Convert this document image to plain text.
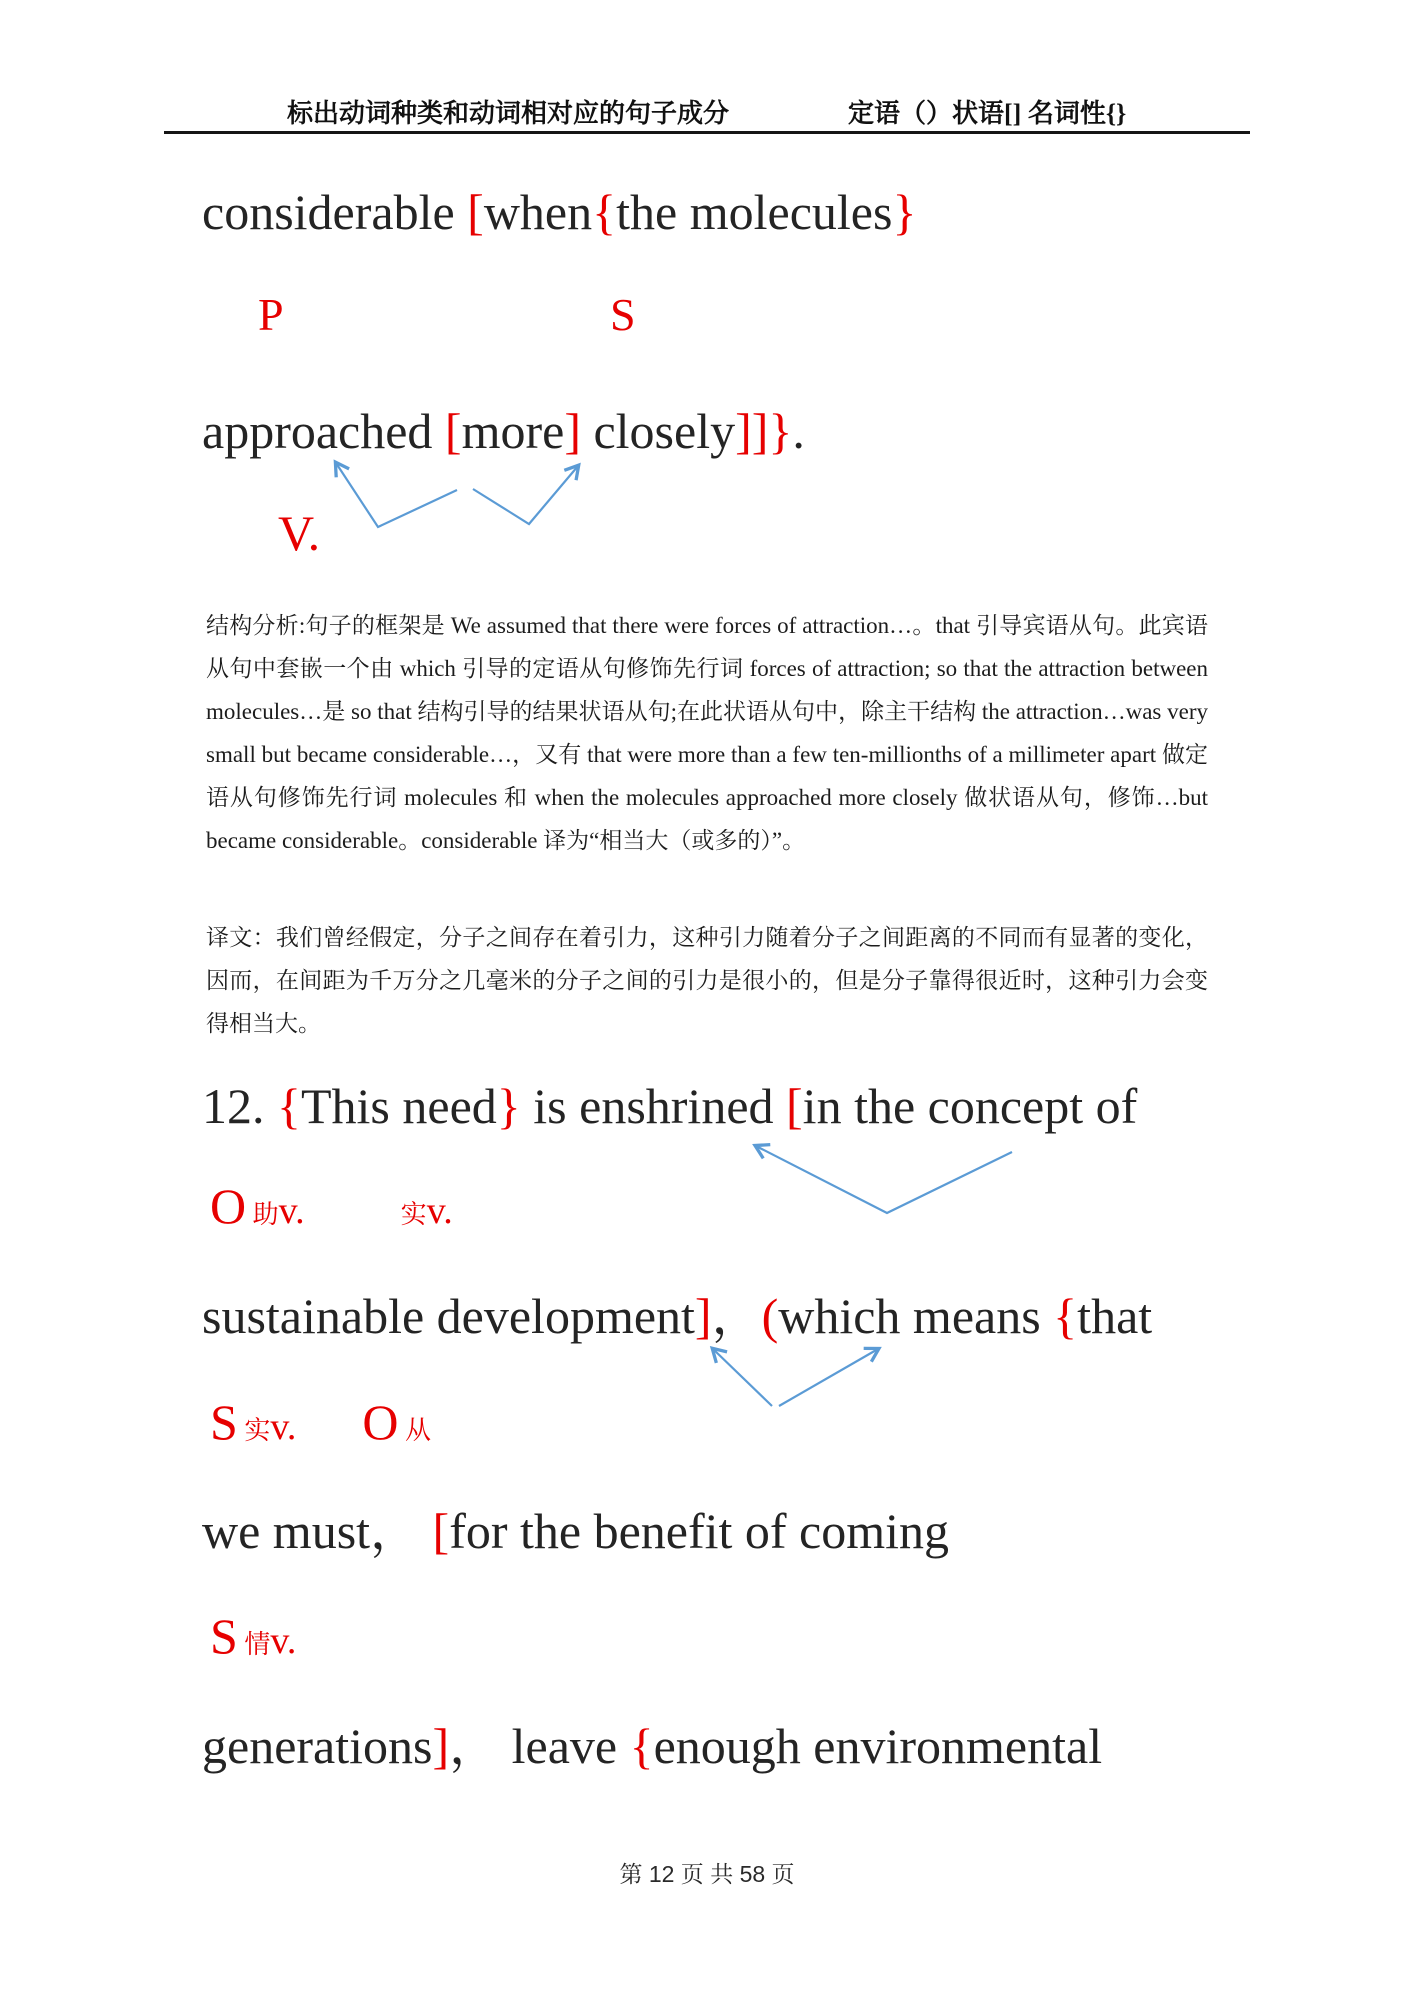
标出动词种类和动词相对应的句子成分	定语（）状语[] 名词性{}
considerable [when{the molecules}
P	S
approached [more] closely]]}.
V.

结构分析:句子的框架是 We assumed that there were forces of attraction…。that 引导宾语从句。此宾语从句中套嵌一个由 which 引导的定语从句修饰先行词 forces of attraction; so that the attraction between molecules…是 so that 结构引导的结果状语从句;在此状语从句中，除主干结构 the attraction…was very small but became considerable…，又有 that were more than a few ten-millionths of a millimeter apart 做定语从句修饰先行词 molecules 和 when the molecules approached more closely 做状语从句，修饰…but became considerable。considerable 译为“相当大（或多的）”。

译文：我们曾经假定，分子之间存在着引力，这种引力随着分子之间距离的不同而有显著的变化，因而，在间距为千万分之几毫米的分子之间的引力是很小的，但是分子靠得很近时，这种引力会变得相当大。

12. {This need} is enshrined [in the concept of
O 助v.	实v.
sustainable development]，(which means {that
S 实v. O 从
we must， [for the benefit of coming
S 情v.
generations]， leave {enough environmental
第 12 页 共 58 页
